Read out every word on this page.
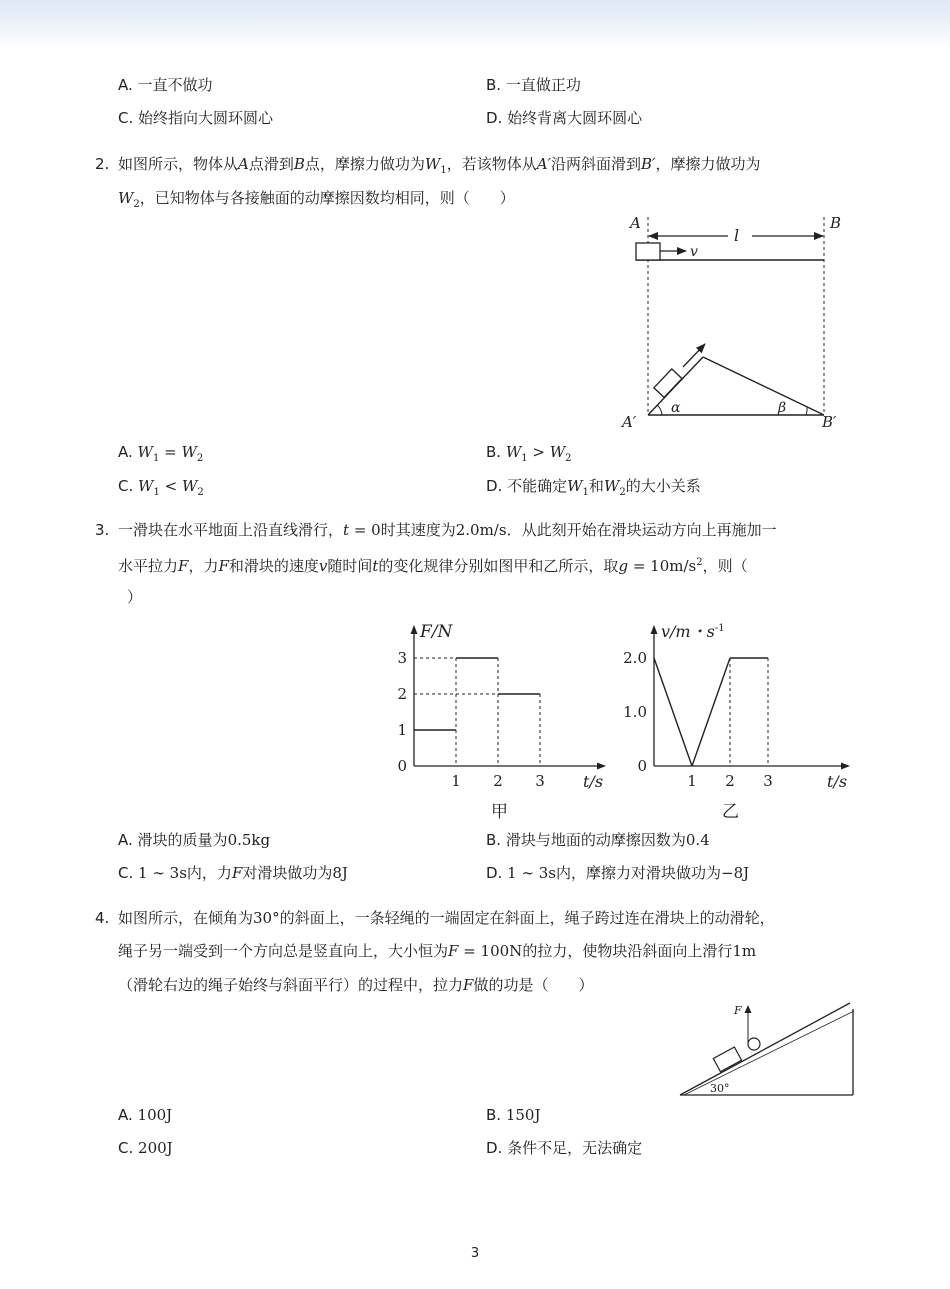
A. 一直不做功	B. 一直做正功
C. 始终指向大圆环圆心	D. 始终背离大圆环圆心
2. 如图所示，物体从A点滑到B点，摩擦力做功为$W_1$，若该物体从A′沿两斜面滑到B′，摩擦力做功为
$W_2$，已知物体与各接触面的动摩擦因数均相同，则（　　）
A	B
l
v
α	β
A′	B′
A. $W_1 = W_2$	B. $W_1 > W_2$
C. $W_1 < W_2$	D. 不能确定$W_1$和$W_2$的大小关系
3. 一滑块在水平地面上沿直线滑行，t = 0时其速度为2.0m/s．从此刻开始在滑块运动方向上再施加一
水平拉力F，力F和滑块的速度v随时间t的变化规律分别如图甲和乙所示，取$g = 10m/s^2$，则（
）
1 2 3
0
1
2
3
F/N
t/s
甲
1 2 3
0
1.0
2.0
v/m・$s^{-1}$
t/s
乙
A. 滑块的质量为0.5kg	B. 滑块与地面的动摩擦因数为0.4
C. 1 ∼ 3s内，力F对滑块做功为8J	D. 1 ∼ 3s内，摩擦力对滑块做功为−8J
4. 如图所示，在倾角为30°的斜面上，一条轻绳的一端固定在斜面上，绳子跨过连在滑块上的动滑轮，
绳子另一端受到一个方向总是竖直向上，大小恒为F = 100N的拉力，使物块沿斜面向上滑行1m
（滑轮右边的绳子始终与斜面平行）的过程中，拉力F做的功是（　　）
F
30°
A. 100J	B. 150J
C. 200J	D. 条件不足，无法确定
3
